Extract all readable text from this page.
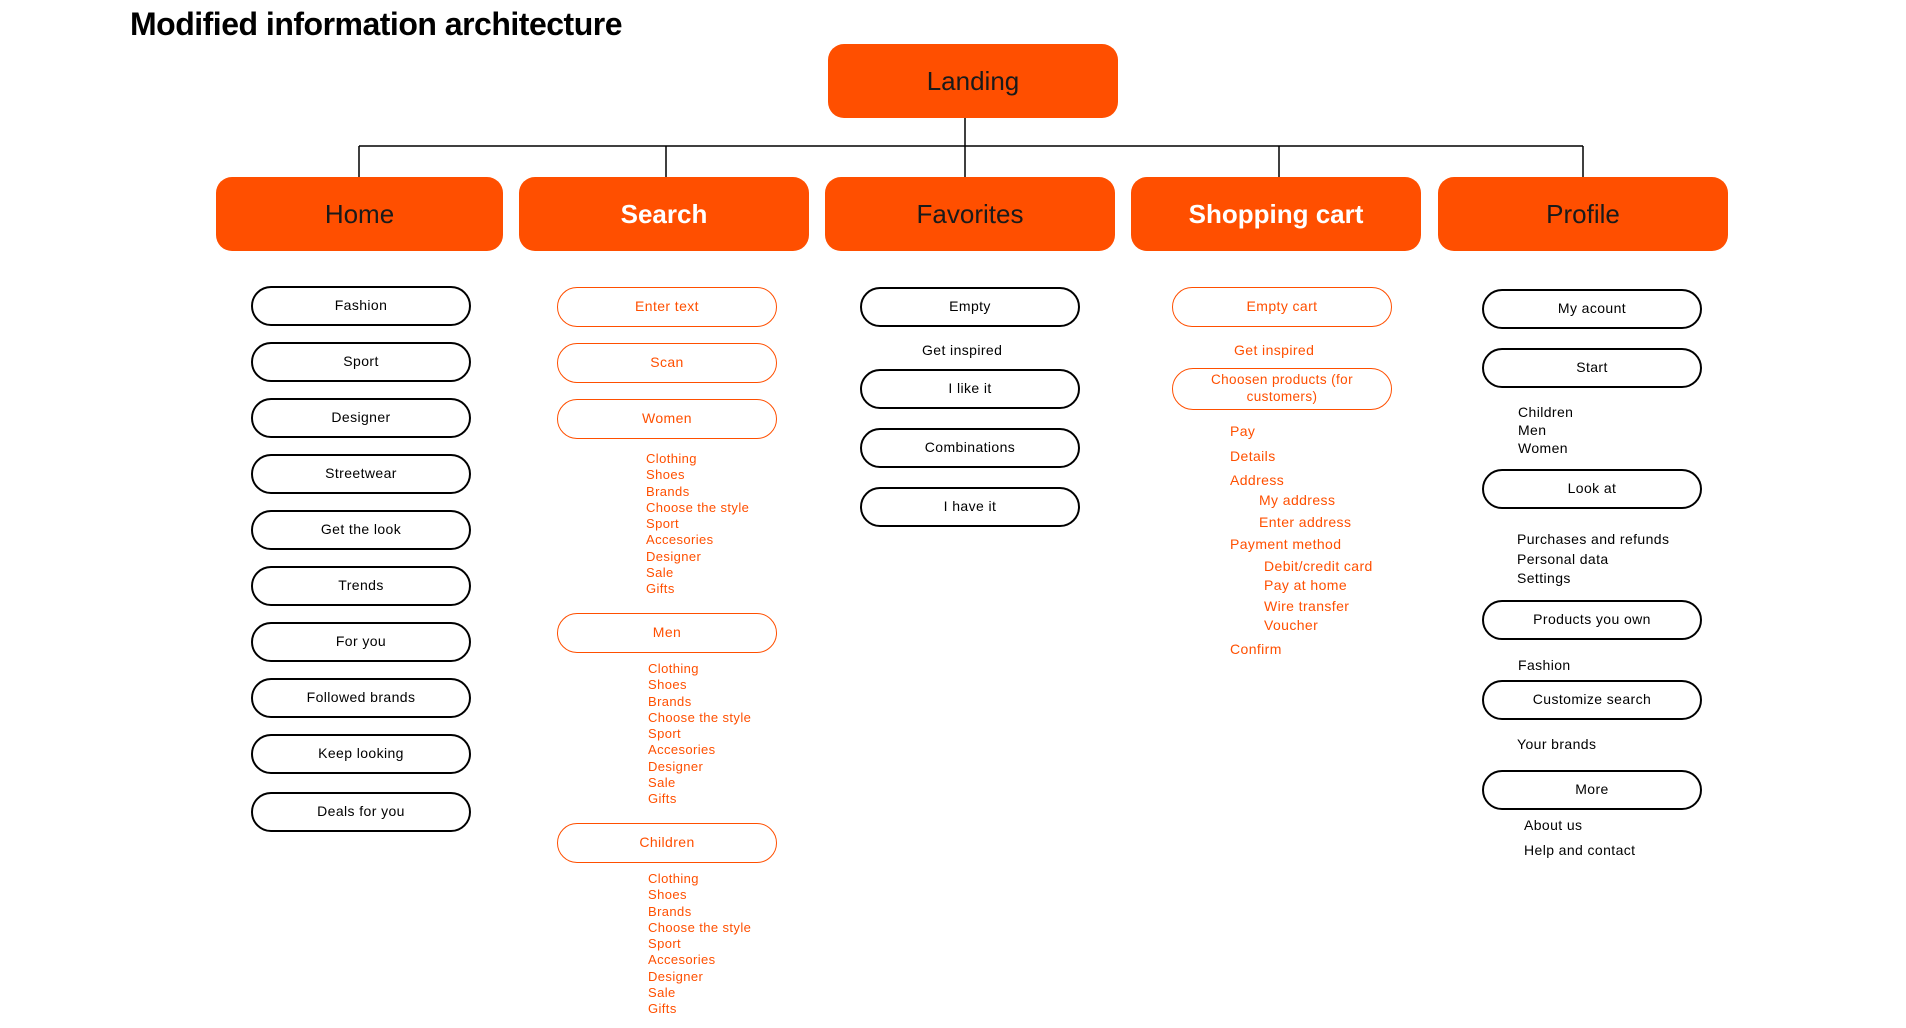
Modified information architecture
Landing
Home	Search	Favorites	Shopping cart	Profile
Fashion
Sport
Designer
Streetwear
Get the look
Trends
For you
Followed brands
Keep looking
Deals for you
Enter text
Scan
Women
Clothing
Shoes
Brands
Choose the style
Sport
Accesories
Designer
Sale
Gifts
Men
Clothing
Shoes
Brands
Choose the style
Sport
Accesories
Designer
Sale
Gifts
Children
Clothing
Shoes
Brands
Choose the style
Sport
Accesories
Designer
Sale
Gifts
Empty
Get inspired
I like it
Combinations
I have it
Empty cart
Get inspired
Choosen products (for customers)
Pay
Details
Address
My address
Enter address
Payment method
Debit/credit card
Pay at home
Wire transfer
Voucher
Confirm
My acount
Start
Children
Men
Women
Look at
Purchases and refunds
Personal data
Settings
Products you own
Fashion
Customize search
Your brands
More
About us
Help and contact
